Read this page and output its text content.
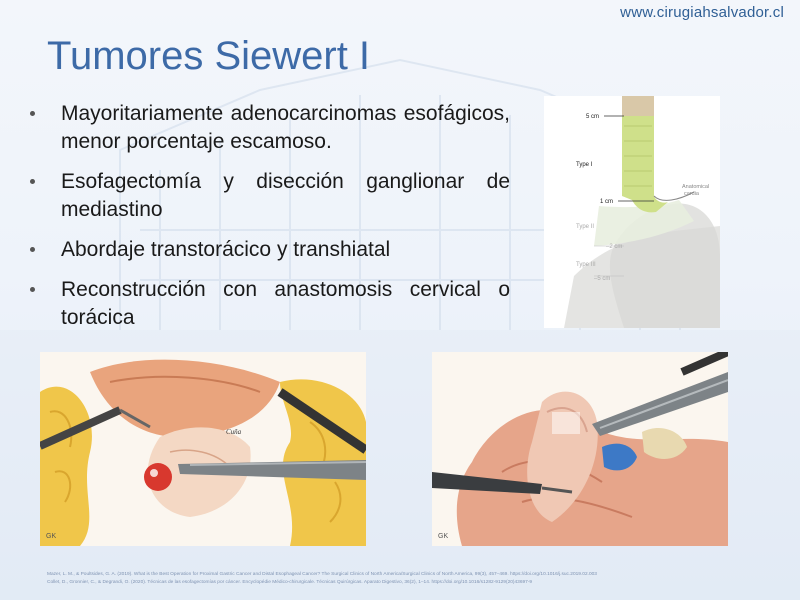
www.cirugiahsalvador.cl
Tumores Siewert I
Mayoritariamente adenocarcinomas esofágicos, menor porcentaje escamoso.
Esofagectomía y disección ganglionar de mediastino
Abordaje transtorácico y transhiatal
Reconstrucción con anastomosis cervical o torácica
5 cm
Type I
1 cm
Anatomical
cardia
Type II
–2 cm
Type III
–5 cm
Cuña
GK	GK
Mazer, L. M., & Poultsides, G. A. (2019). What is the Best Operation for Proximal Gastric Cancer and Distal Esophageal Cancer? The Surgical Clinics of North America/Surgical Clinics of North America, 99(3), 457–469. https://doi.org/10.1016/j.suc.2019.02.003
Collet, D., Gronnier, C., & Degrandi, O. (2020). Técnicas de las esofagectomías por cáncer. Encyclopédie Médico-chirurgicale. Técnicas Quirúrgicas. Aparato Digestivo, 36(2), 1–14. https://doi.org/10.1016/s1282-9129(20)43697-9
